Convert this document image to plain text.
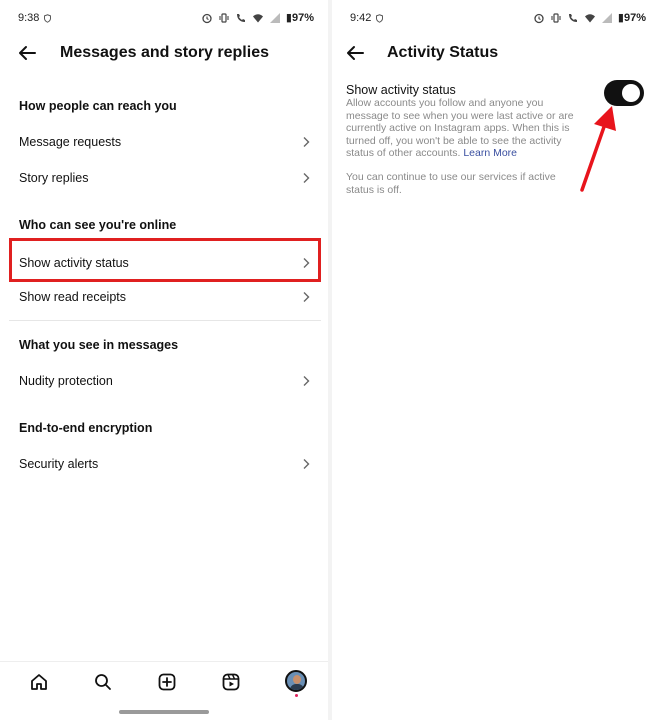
9:38	▮97%
Messages and story replies
How people can reach you
Message requests
Story replies
Who can see you're online
Show activity status
Show read receipts
What you see in messages
Nudity protection
End-to-end encryption
Security alerts
9:42	▮97%
Activity Status
Show activity status
Allow accounts you follow and anyone you message to see when you were last active or are currently active on Instagram apps. When this is turned off, you won't be able to see the activity status of other accounts. Learn More
You can continue to use our services if active status is off.
